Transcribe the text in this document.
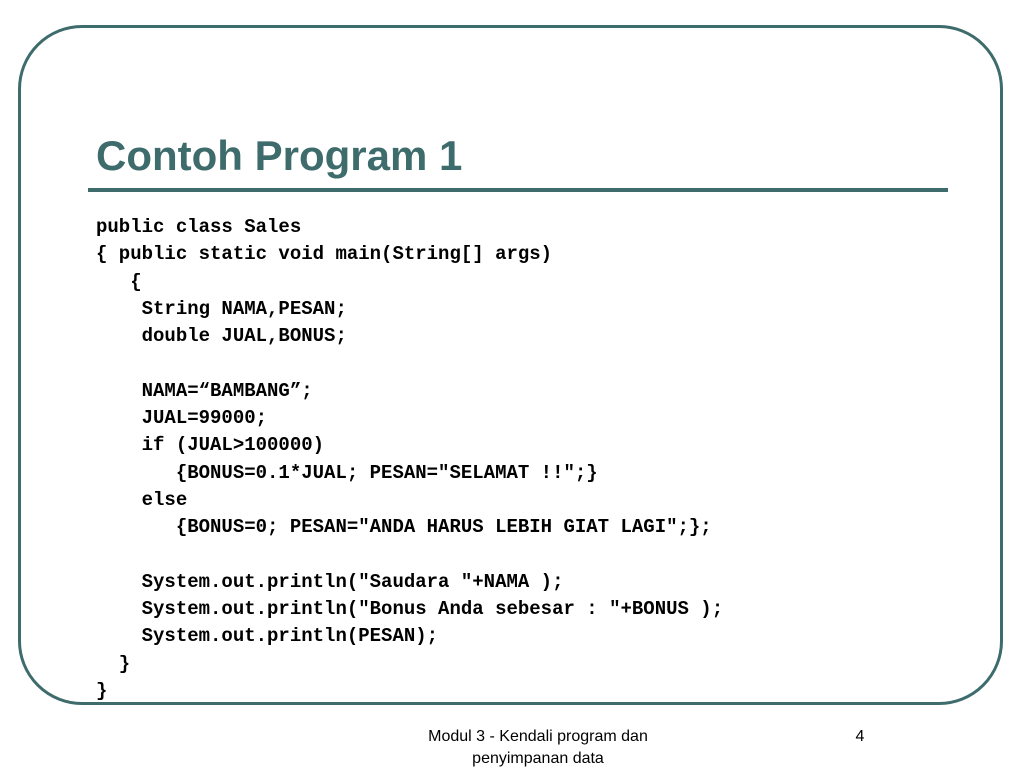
Contoh Program 1
public class Sales
{ public static void main(String[] args)
{
String NAMA,PESAN;
double JUAL,BONUS;
NAMA=“BAMBANG”;
JUAL=99000;
if (JUAL>100000)
{BONUS=0.1*JUAL; PESAN="SELAMAT !!";}
else
{BONUS=0; PESAN="ANDA HARUS LEBIH GIAT LAGI";};
System.out.println("Saudara "+NAMA );
System.out.println("Bonus Anda sebesar : "+BONUS );
System.out.println(PESAN);
}
}

Modul 3 - Kendali program dan penyimpanan data

4
